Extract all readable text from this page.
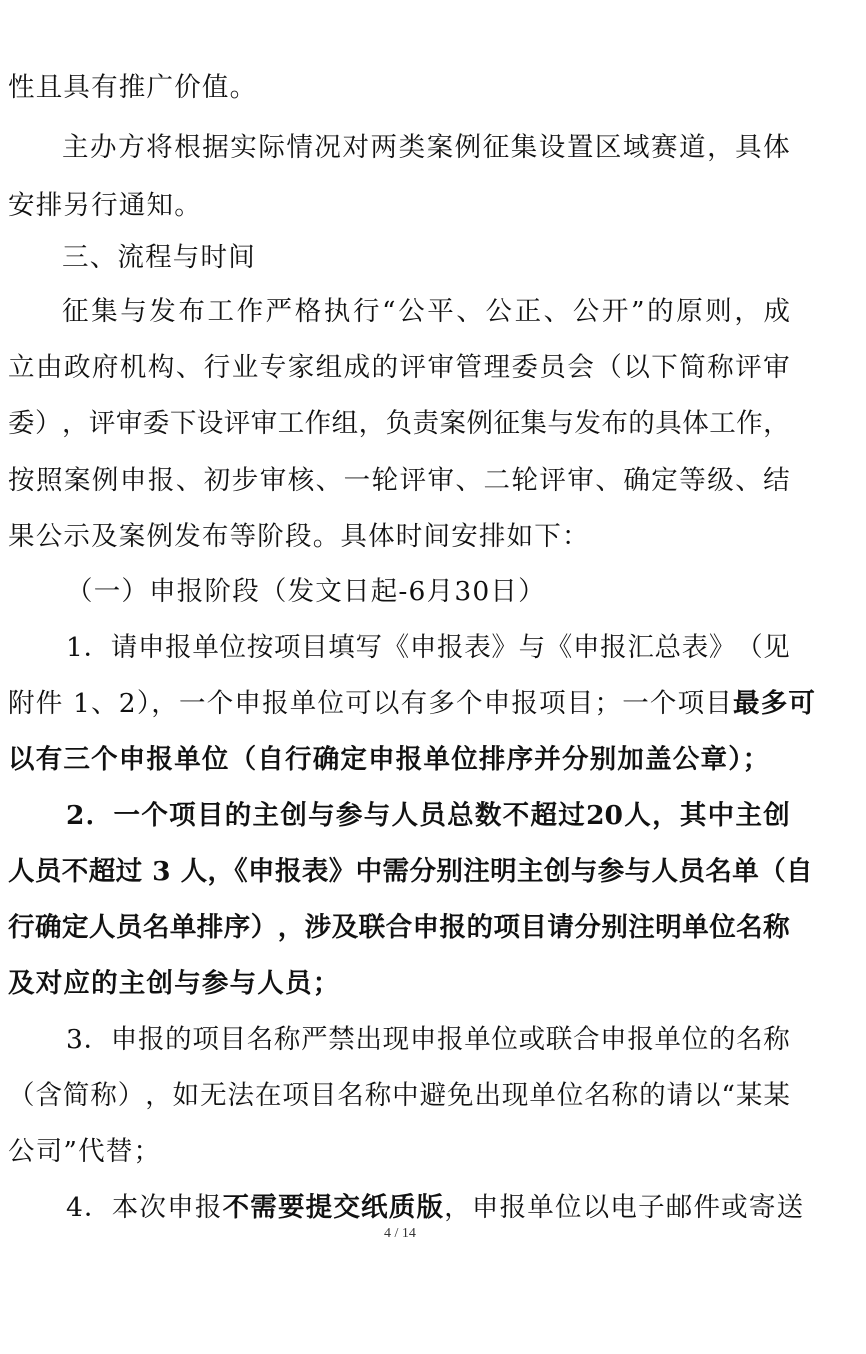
性且具有推广价值。
主 办 方 将 根 据 实 际 情 况 对 两 类 案 例 征 集 设 置 区 域 赛 道 ， 具 体
安排另行通知。
三、流程与时间
征 集 与 发 布 工 作 严 格 执 行 “ 公 平 、 公 正 、 公 开 ” 的 原 则 ， 成
立 由 政 府 机 构 、 行 业 专 家 组 成 的 评 审 管 理 委 员 会 （ 以 下 简 称 评 审
委 ） ， 评 审 委 下 设 评 审 工 作 组 ， 负 责 案 例 征 集 与 发 布 的 具 体 工 作 ，
按 照 案 例 申 报 、 初 步 审 核 、 一 轮 评 审 、 二 轮 评 审 、 确 定 等 级 、 结
果公示及案例发布等阶段。具体时间安排如下：
（一）申报阶段（发文日起-6月30日）
1 ． 请 申 报 单 位 按 项 目 填 写 《 申 报 表 》 与 《 申 报 汇 总 表 》 （ 见
附件 1、2），一个申报单位可以有多个申报项目；一个项目最多可
以有三个申报单位（自行确定申报单位排序并分别加盖公章）；
2 ． 一 个 项 目 的 主 创 与 参 与 人 员 总 数 不 超 过 20 人 ， 其 中 主 创
人员不超过 3 人，《申报表》中需分别注明主创与参与人员名单（自
行 确 定 人 员 名 单 排 序 ） ， 涉 及 联 合 申 报 的 项 目 请 分 别 注 明 单 位 名 称
及对应的主创与参与人员；
3 ． 申 报 的 项 目 名 称 严 禁 出 现 申 报 单 位 或 联 合 申 报 单 位 的 名 称
（ 含 简 称 ） ， 如 无 法 在 项 目 名 称 中 避 免 出 现 单 位 名 称 的 请 以 “ 某 某
公司”代替；
4．本次申报不需要提交纸质版，申报单位以电子邮件或寄送
4 / 14
